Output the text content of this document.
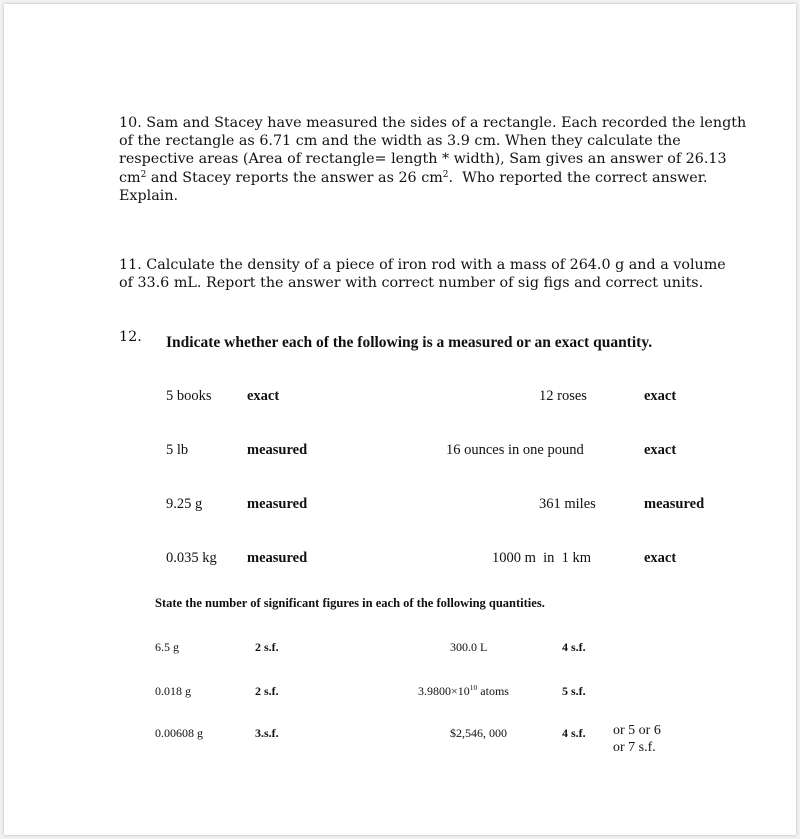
10. Sam and Stacey have measured the sides of a rectangle. Each recorded the length
of the rectangle as 6.71 cm and the width as 3.9 cm. When they calculate the
respective areas (Area of rectangle= length * width), Sam gives an answer of 26.13
$cm^2$ and Stacey reports the answer as 26 $cm^2$. Who reported the correct answer.
Explain.
11. Calculate the density of a piece of iron rod with a mass of 264.0 g and a volume
of 33.6 mL. Report the answer with correct number of sig figs and correct units.
12. Indicate whether each of the following is a measured or an exact quantity.
5 books exact	12 roses	exact
5 lb	measured	16 ounces in one pound	exact
9.25 g	measured	361 miles	measured
0.035 kg measured	1000 m  in  1 km	exact
State the number of significant figures in each of the following quantities.
6.5 g	2 s.f.	300.0 L	4 s.f.
0.018 g	2 s.f.	$3.9800\times 10^{10}$ atoms	5 s.f.
0.00608 g	3.s.f.	$2,546, 000	4 s.f. or 5 or 6
or 7 s.f.
